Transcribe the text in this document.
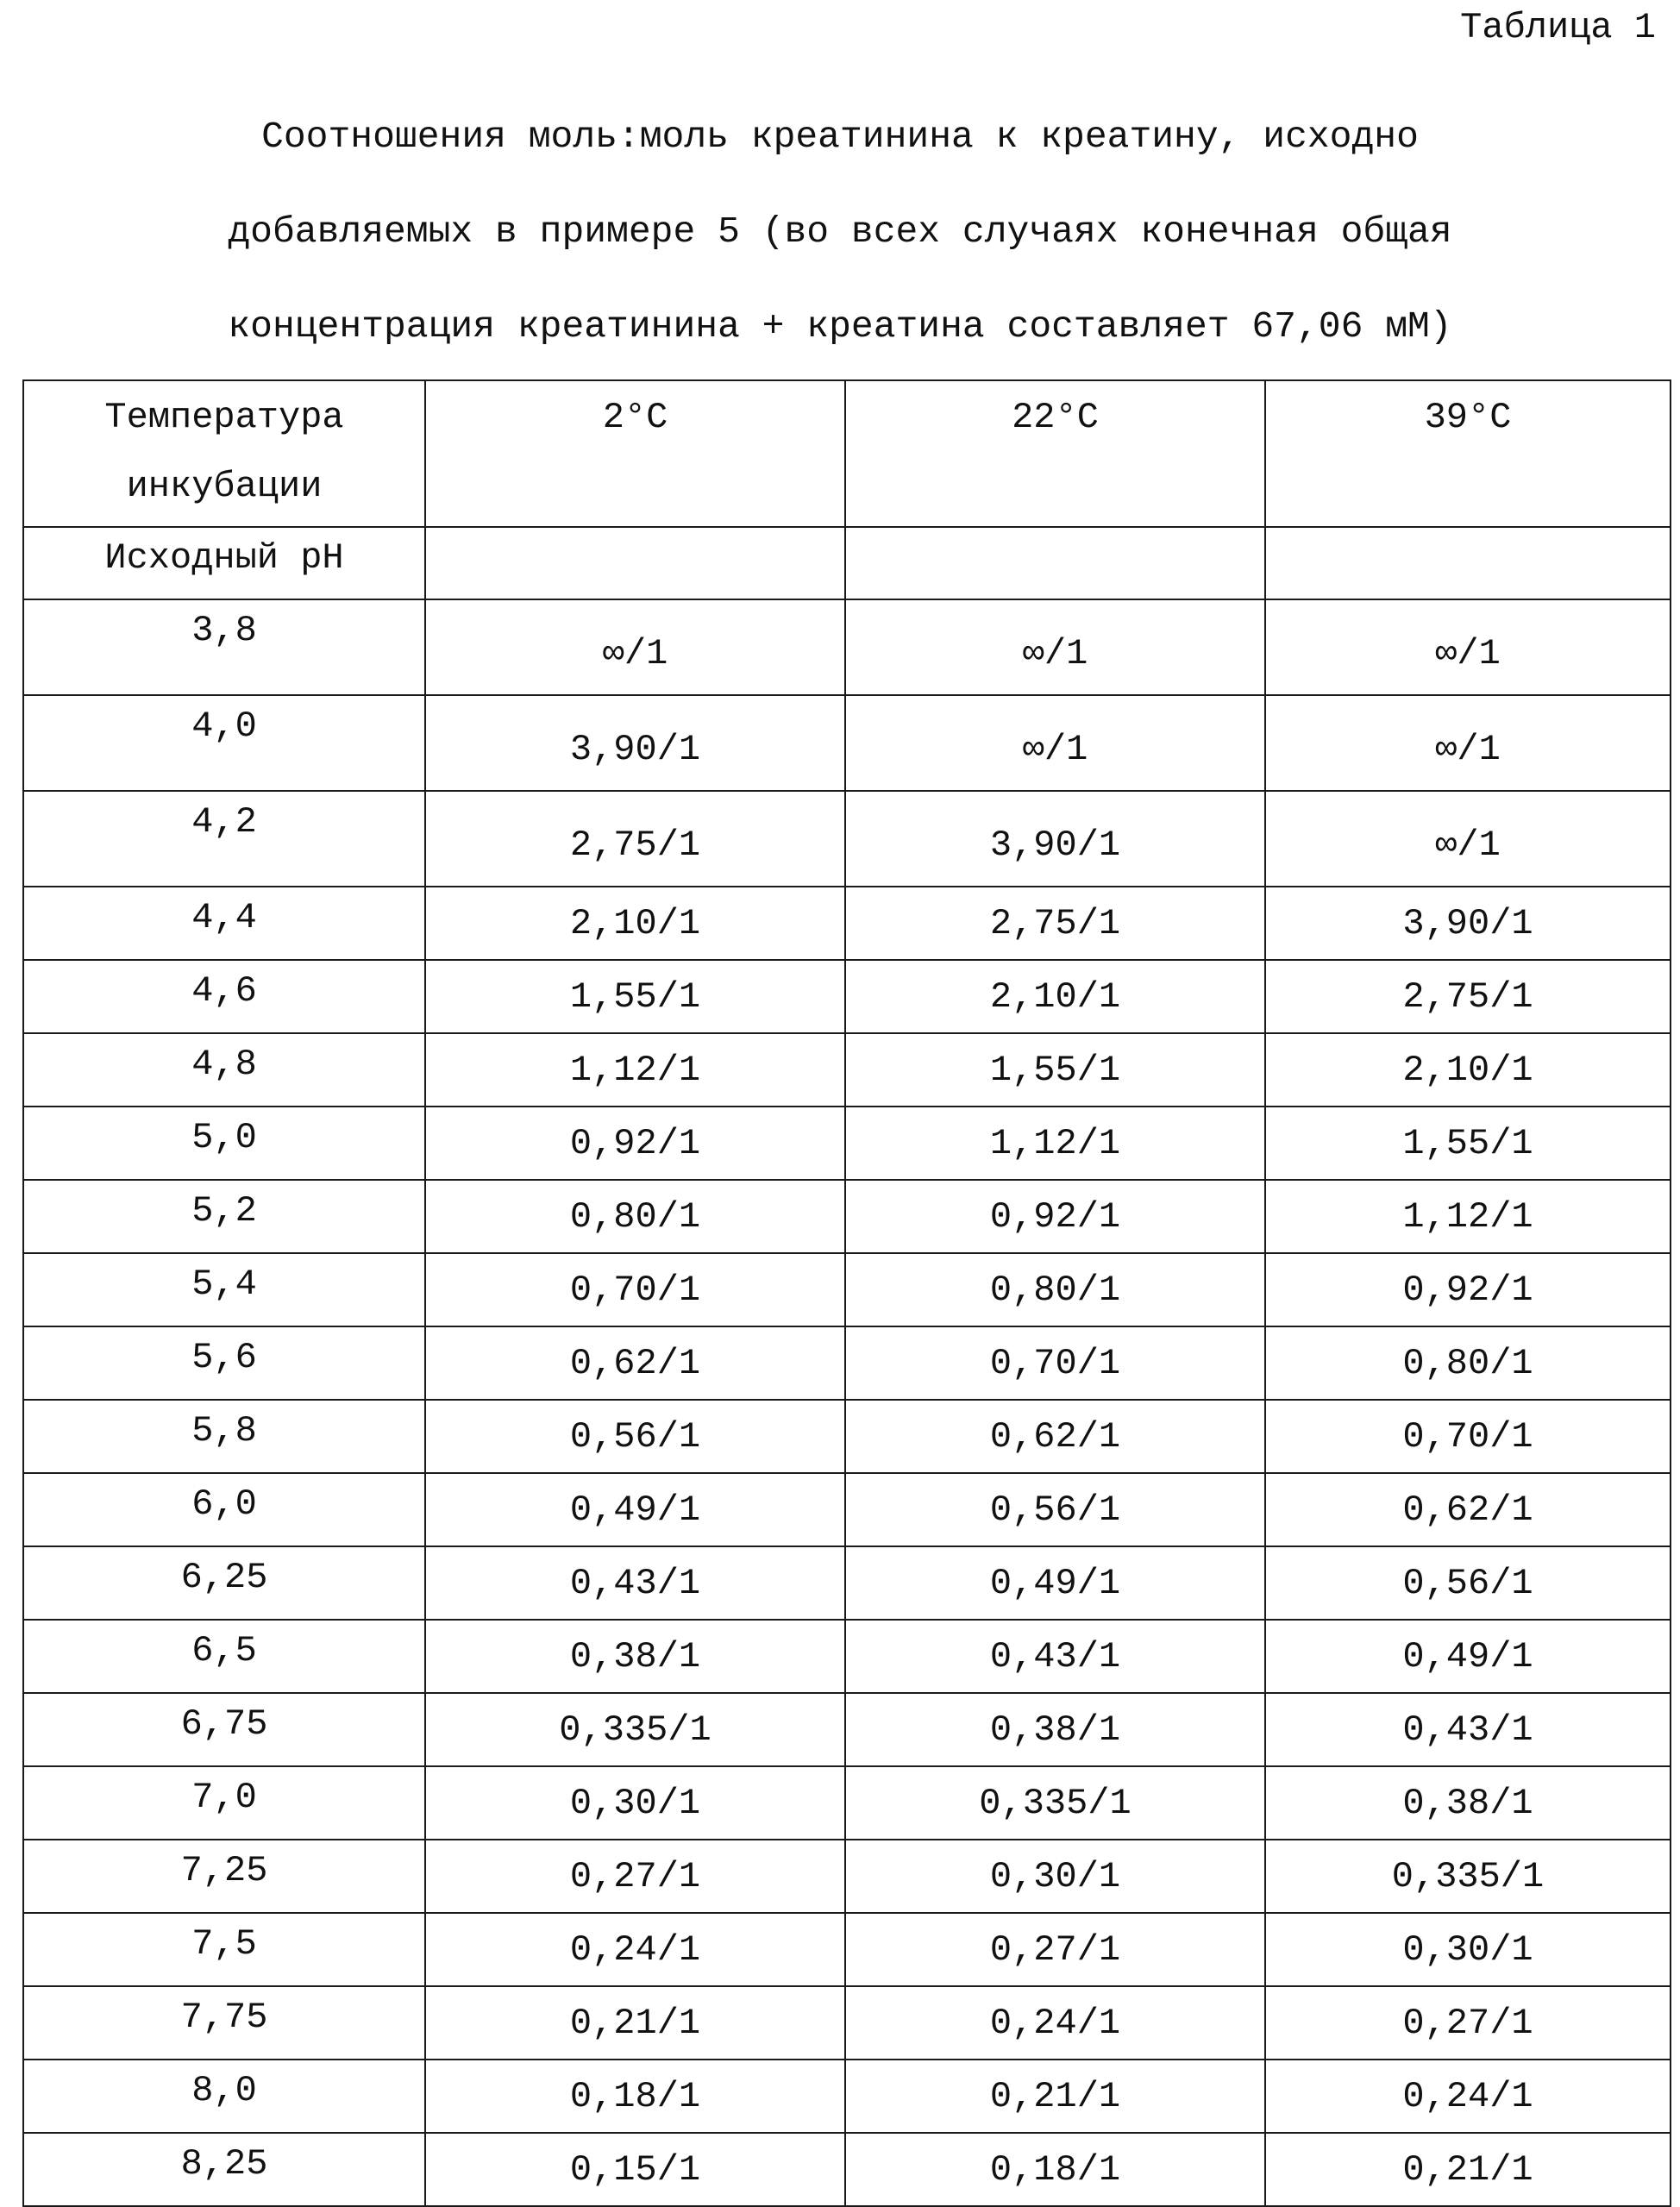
Таблица 1
Соотношения моль:моль креатинина к креатину, исходно
добавляемых в примере 5 (во всех случаях конечная общая
концентрация креатинина + креатина составляет 67,06 мМ)
Температура
инкубации
	2°C	22°C	39°C
Исходный pH			
3,8	∞/1	∞/1	∞/1
4,0	3,90/1	∞/1	∞/1
4,2	2,75/1	3,90/1	∞/1
4,4	2,10/1	2,75/1	3,90/1
4,6	1,55/1	2,10/1	2,75/1
4,8	1,12/1	1,55/1	2,10/1
5,0	0,92/1	1,12/1	1,55/1
5,2	0,80/1	0,92/1	1,12/1
5,4	0,70/1	0,80/1	0,92/1
5,6	0,62/1	0,70/1	0,80/1
5,8	0,56/1	0,62/1	0,70/1
6,0	0,49/1	0,56/1	0,62/1
6,25	0,43/1	0,49/1	0,56/1
6,5	0,38/1	0,43/1	0,49/1
6,75	0,335/1	0,38/1	0,43/1
7,0	0,30/1	0,335/1	0,38/1
7,25	0,27/1	0,30/1	0,335/1
7,5	0,24/1	0,27/1	0,30/1
7,75	0,21/1	0,24/1	0,27/1
8,0	0,18/1	0,21/1	0,24/1
8,25	0,15/1	0,18/1	0,21/1
